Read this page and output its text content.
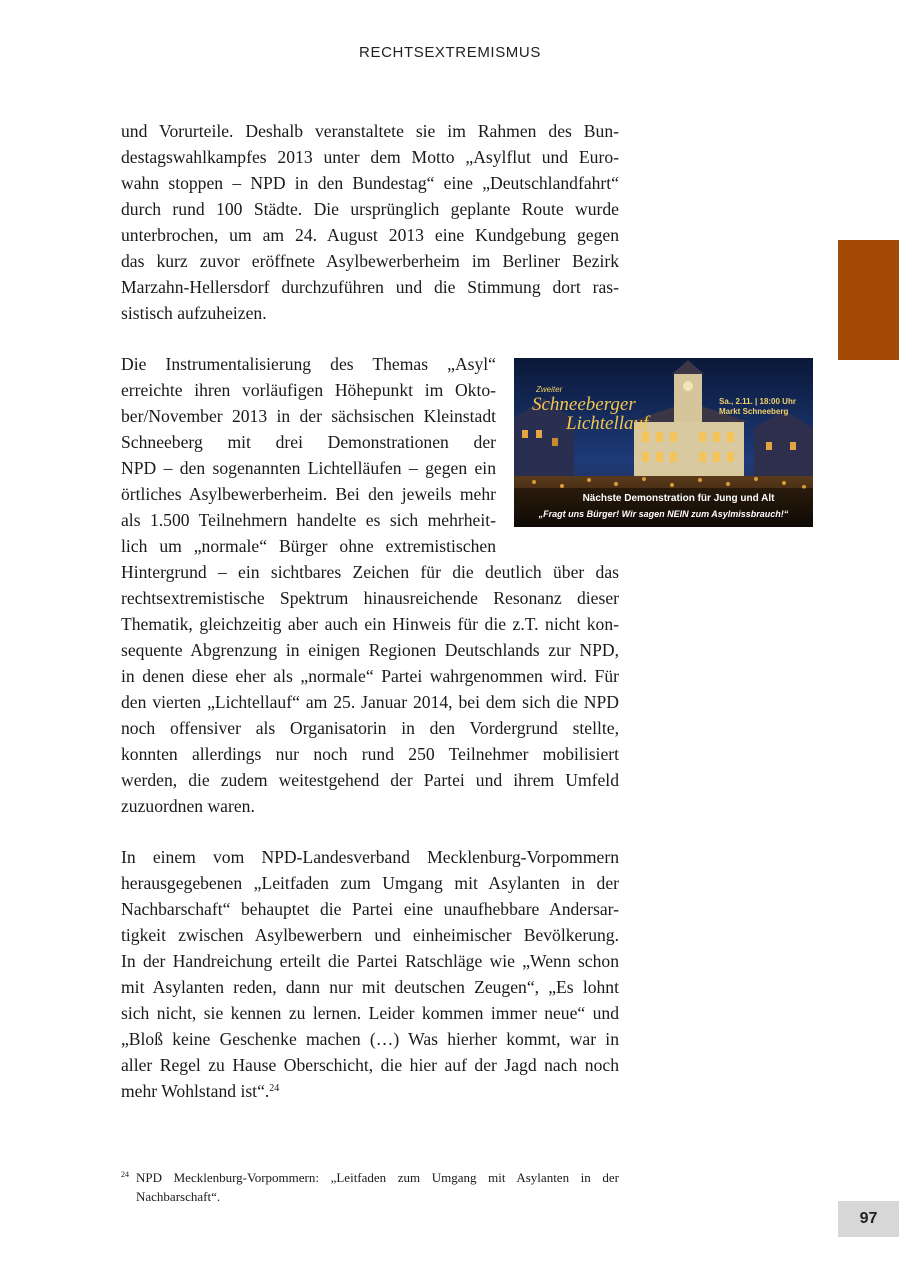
RECHTSEXTREMISMUS
und Vorurteile. Deshalb veranstaltete sie im Rahmen des Bun-
destagswahlkampfes 2013 unter dem Motto „Asylflut und Euro-
wahn stoppen – NPD in den Bundestag“ eine „Deutschlandfahrt“
durch rund 100 Städte. Die ursprünglich geplante Route wurde
unterbrochen, um am 24. August 2013 eine Kundgebung gegen
das kurz zuvor eröffnete Asylbewerberheim im Berliner Bezirk
Marzahn-Hellersdorf durchzuführen und die Stimmung dort ras-
sistisch aufzuheizen.
Die Instrumentalisierung des Themas „Asyl“
erreichte ihren vorläufigen Höhepunkt im Okto-
ber/November 2013 in der sächsischen Kleinstadt
Schneeberg mit drei Demonstrationen der
NPD – den sogenannten Lichtelläufen – gegen ein
örtliches Asylbewerberheim. Bei den jeweils mehr
als 1.500 Teilnehmern handelte es sich mehrheit-
lich um „normale“ Bürger ohne extremistischen
Hintergrund – ein sichtbares Zeichen für die deutlich über das
rechtsextremistische Spektrum hinausreichende Resonanz dieser
Thematik, gleichzeitig aber auch ein Hinweis für die z.T. nicht kon-
sequente Abgrenzung in einigen Regionen Deutschlands zur NPD,
in denen diese eher als „normale“ Partei wahrgenommen wird. Für
den vierten „Lichtellauf“ am 25. Januar 2014, bei dem sich die NPD
noch offensiver als Organisatorin in den Vordergrund stellte,
konnten allerdings nur noch rund 250 Teilnehmer mobilisiert
werden, die zudem weitestgehend der Partei und ihrem Umfeld
zuzuordnen waren.
Zweiter
Schneeberger
Lichtellauf
Sa., 2.11. | 18:00 Uhr
Markt Schneeberg
Nächste Demonstration für Jung und Alt
„Fragt uns Bürger! Wir sagen NEIN zum Asylmissbrauch!“
In einem vom NPD-Landesverband Mecklenburg-Vorpommern
herausgegebenen „Leitfaden zum Umgang mit Asylanten in der
Nachbarschaft“ behauptet die Partei eine unaufhebbare Andersar-
tigkeit zwischen Asylbewerbern und einheimischer Bevölkerung.
In der Handreichung erteilt die Partei Ratschläge wie „Wenn schon
mit Asylanten reden, dann nur mit deutschen Zeugen“, „Es lohnt
sich nicht, sie kennen zu lernen. Leider kommen immer neue“ und
„Bloß keine Geschenke machen (…) Was hierher kommt, war in
aller Regel zu Hause Oberschicht, die hier auf der Jagd nach noch
mehr Wohlstand ist“.$^{24}$
24 NPD Mecklenburg-Vorpommern: „Leitfaden zum Umgang mit Asylanten in der
Nachbarschaft“.
97
